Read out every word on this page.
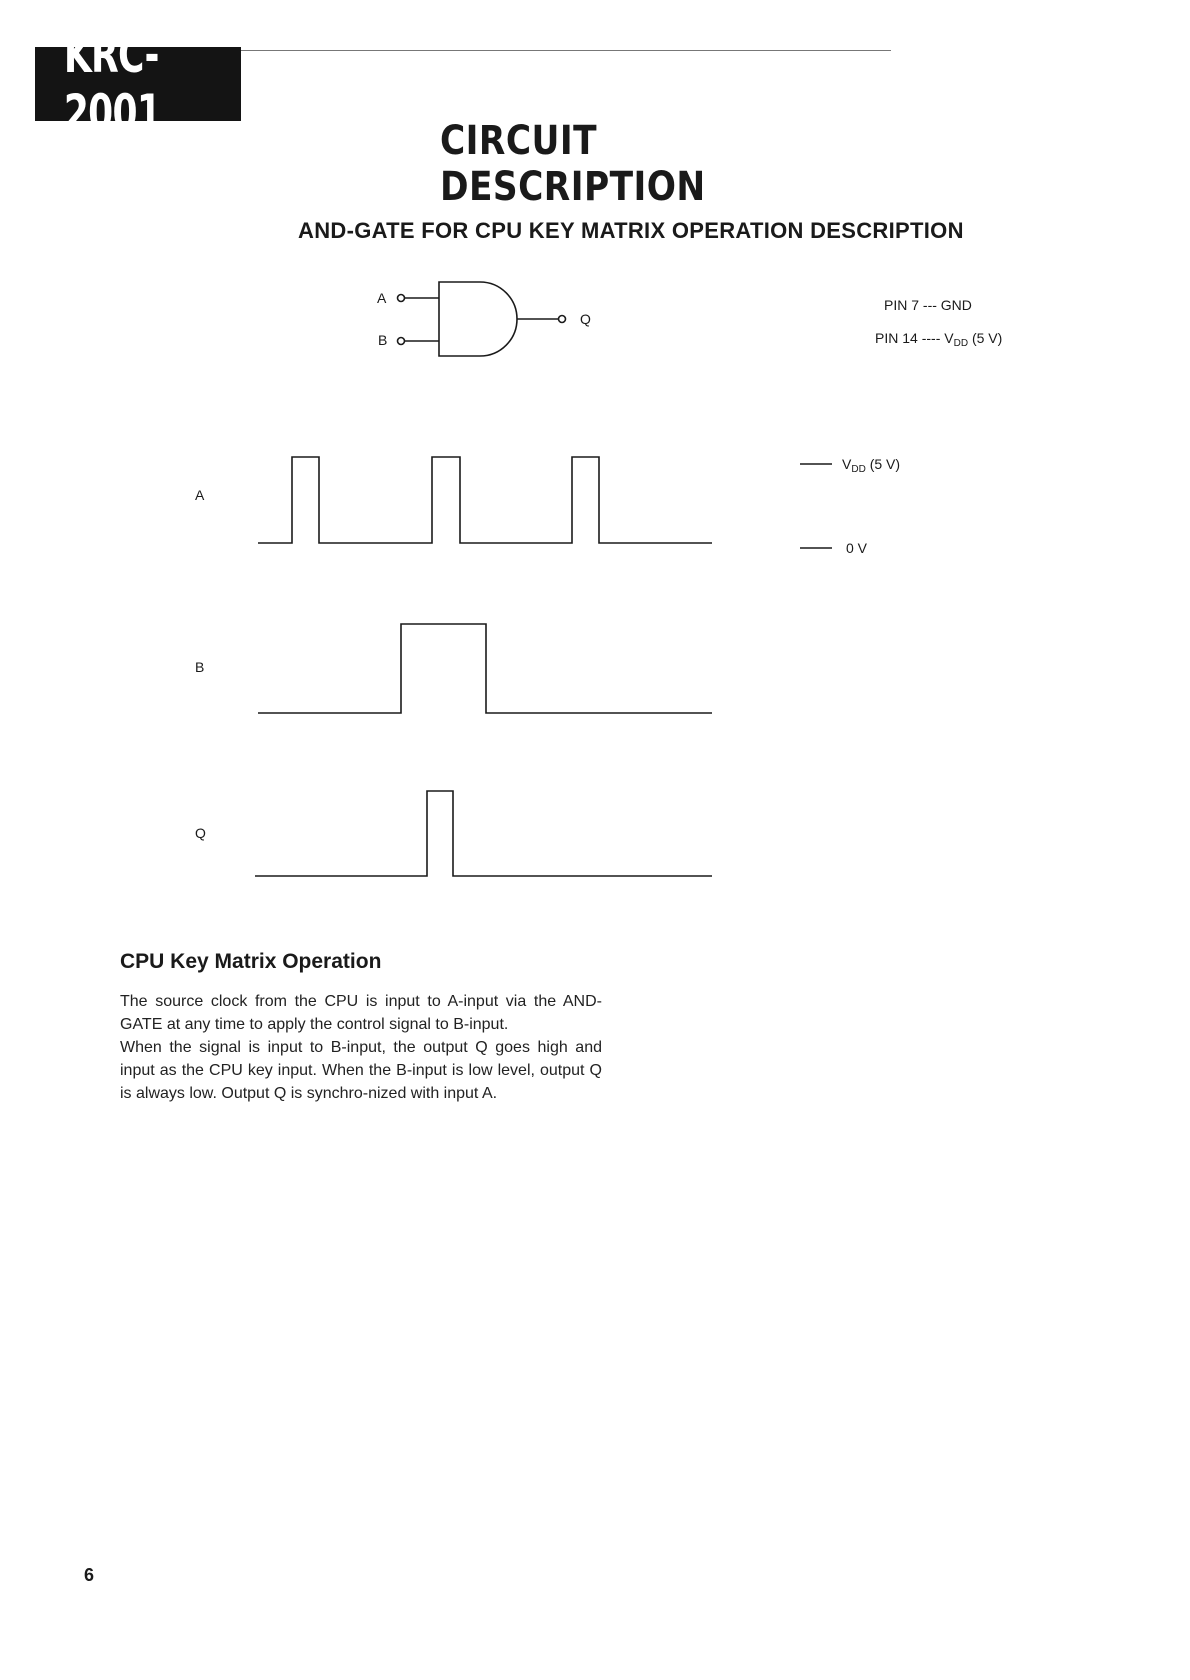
KRC-2001	CIRCUIT DESCRIPTION
AND-GATE FOR CPU KEY MATRIX OPERATION DESCRIPTION
A
B
Q
PIN 7 --- GND
PIN 14 ---- $V_{DD}$ (5 V)
A
B
Q
$V_{DD}$ (5 V)
0 V
CPU Key Matrix Operation

The source clock from the CPU is input to A-input via the AND-GATE at any time to apply the control signal to B-input.

When the signal is input to B-input, the output Q goes high and input as the CPU key input. When the B-input is low level, output Q is always low. Output Q is synchro-nized with input A.

6
